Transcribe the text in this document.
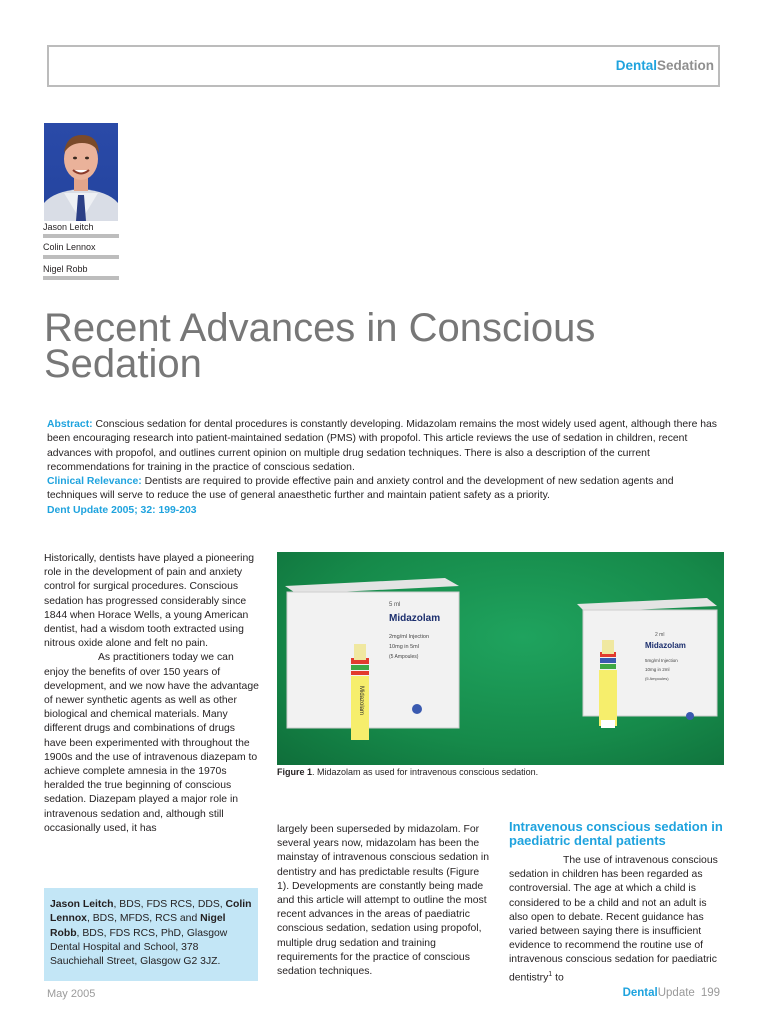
DentalSedation
Jason Leitch
Colin Lennox
Nigel Robb
Recent Advances in Conscious
Sedation

Abstract: Conscious sedation for dental procedures is constantly developing. Midazolam remains the most widely used agent, although there has been encouraging research into patient-maintained sedation (PMS) with propofol. This article reviews the use of sedation in children, recent advances with propofol, and outlines current opinion on multiple drug sedation techniques. There is also a description of the current recommendations for training in the practice of conscious sedation.
Clinical Relevance: Dentists are required to provide effective pain and anxiety control and the development of new sedation agents and techniques will serve to reduce the use of general anaesthetic further and maintain patient safety as a priority.

Dent Update 2005; 32: 199-203

Historically, dentists have played a pioneering role in the development of pain and anxiety control for surgical procedures. Conscious sedation has progressed considerably since 1844 when Horace Wells, a young American dentist, had a wisdom tooth extracted using nitrous oxide alone and felt no pain.
As practitioners today we can enjoy the benefits of over 150 years of development, and we now have the advantage of newer synthetic agents as well as other biological and chemical materials. Many different drugs and combinations of drugs have been experimented with throughout the 1900s and the use of intravenous diazepam to achieve complete amnesia in the 1970s heralded the true beginning of conscious sedation. Diazepam played a major role in intravenous sedation and, although still occasionally used, it has

5 ml
Midazolam
2mg/ml Injection
10mg in 5ml
(5 Ampoules)
Midazolam
2 ml
Midazolam
5mg/ml Injection
10mg in 2ml
(5 Ampoules)
Figure 1. Midazolam as used for intravenous conscious sedation.

largely been superseded by midazolam. For several years now, midazolam has been the mainstay of intravenous conscious sedation in dentistry and has predictable results (Figure 1). Developments are constantly being made and this article will attempt to outline the most recent advances in the areas of paediatric conscious sedation, sedation using propofol, multiple drug sedation and training requirements for the practice of conscious sedation techniques.

Intravenous conscious sedation in paediatric dental patients

The use of intravenous conscious sedation in children has been regarded as controversial. The age at which a child is considered to be a child and not an adult is also open to debate. Recent guidance has varied between saying there is insufficient evidence to recommend the routine use of intravenous conscious sedation for paediatric dentistry$^1$ to

Jason Leitch, BDS, FDS RCS, DDS, Colin Lennox, BDS, MFDS, RCS and Nigel Robb, BDS, FDS RCS, PhD, Glasgow Dental Hospital and School, 378 Sauchiehall Street, Glasgow G2 3JZ.
May 2005	DentalUpdate 199
